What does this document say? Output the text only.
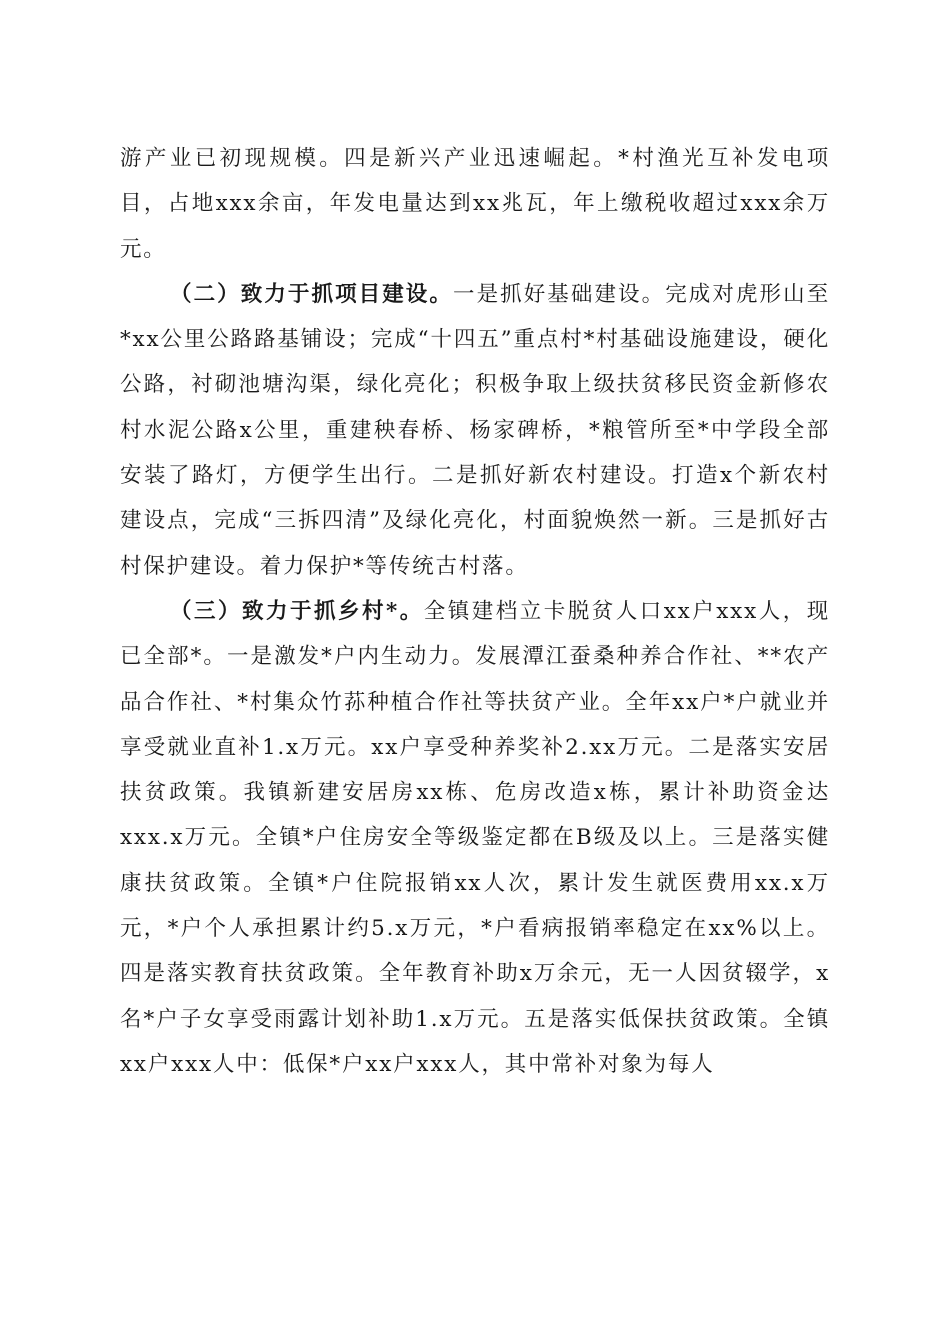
游产业已初现规模。四是新兴产业迅速崛起。*村渔光互补发电项目，占地xxx余亩，年发电量达到xx兆瓦，年上缴税收超过xxx余万元。

（二）致力于抓项目建设。一是抓好基础建设。完成对虎形山至*xx公里公路路基铺设；完成“十四五”重点村*村基础设施建设，硬化公路，衬砌池塘沟渠，绿化亮化；积极争取上级扶贫移民资金新修农村水泥公路x公里，重建秧春桥、杨家碑桥，*粮管所至*中学段全部安装了路灯，方便学生出行。二是抓好新农村建设。打造x个新农村建设点，完成“三拆四清”及绿化亮化，村面貌焕然一新。三是抓好古村保护建设。着力保护*等传统古村落。

（三）致力于抓乡村*。全镇建档立卡脱贫人口xx户xxx人，现已全部*。一是激发*户内生动力。发展潭江蚕桑种养合作社、**农产品合作社、*村集众竹荪种植合作社等扶贫产业。全年xx户*户就业并享受就业直补1.x万元。xx户享受种养奖补2.xx万元。二是落实安居扶贫政策。我镇新建安居房xx栋、危房改造x栋，累计补助资金达xxx.x万元。全镇*户住房安全等级鉴定都在B级及以上。三是落实健康扶贫政策。全镇*户住院报销xx人次，累计发生就医费用xx.x万元，*户个人承担累计约5.x万元，*户看病报销率稳定在xx%以上。四是落实教育扶贫政策。全年教育补助x万余元，无一人因贫辍学，x名*户子女享受雨露计划补助1.x万元。五是落实低保扶贫政策。全镇xx户xxx人中：低保*户xx户xxx人，其中常补对象为每人
